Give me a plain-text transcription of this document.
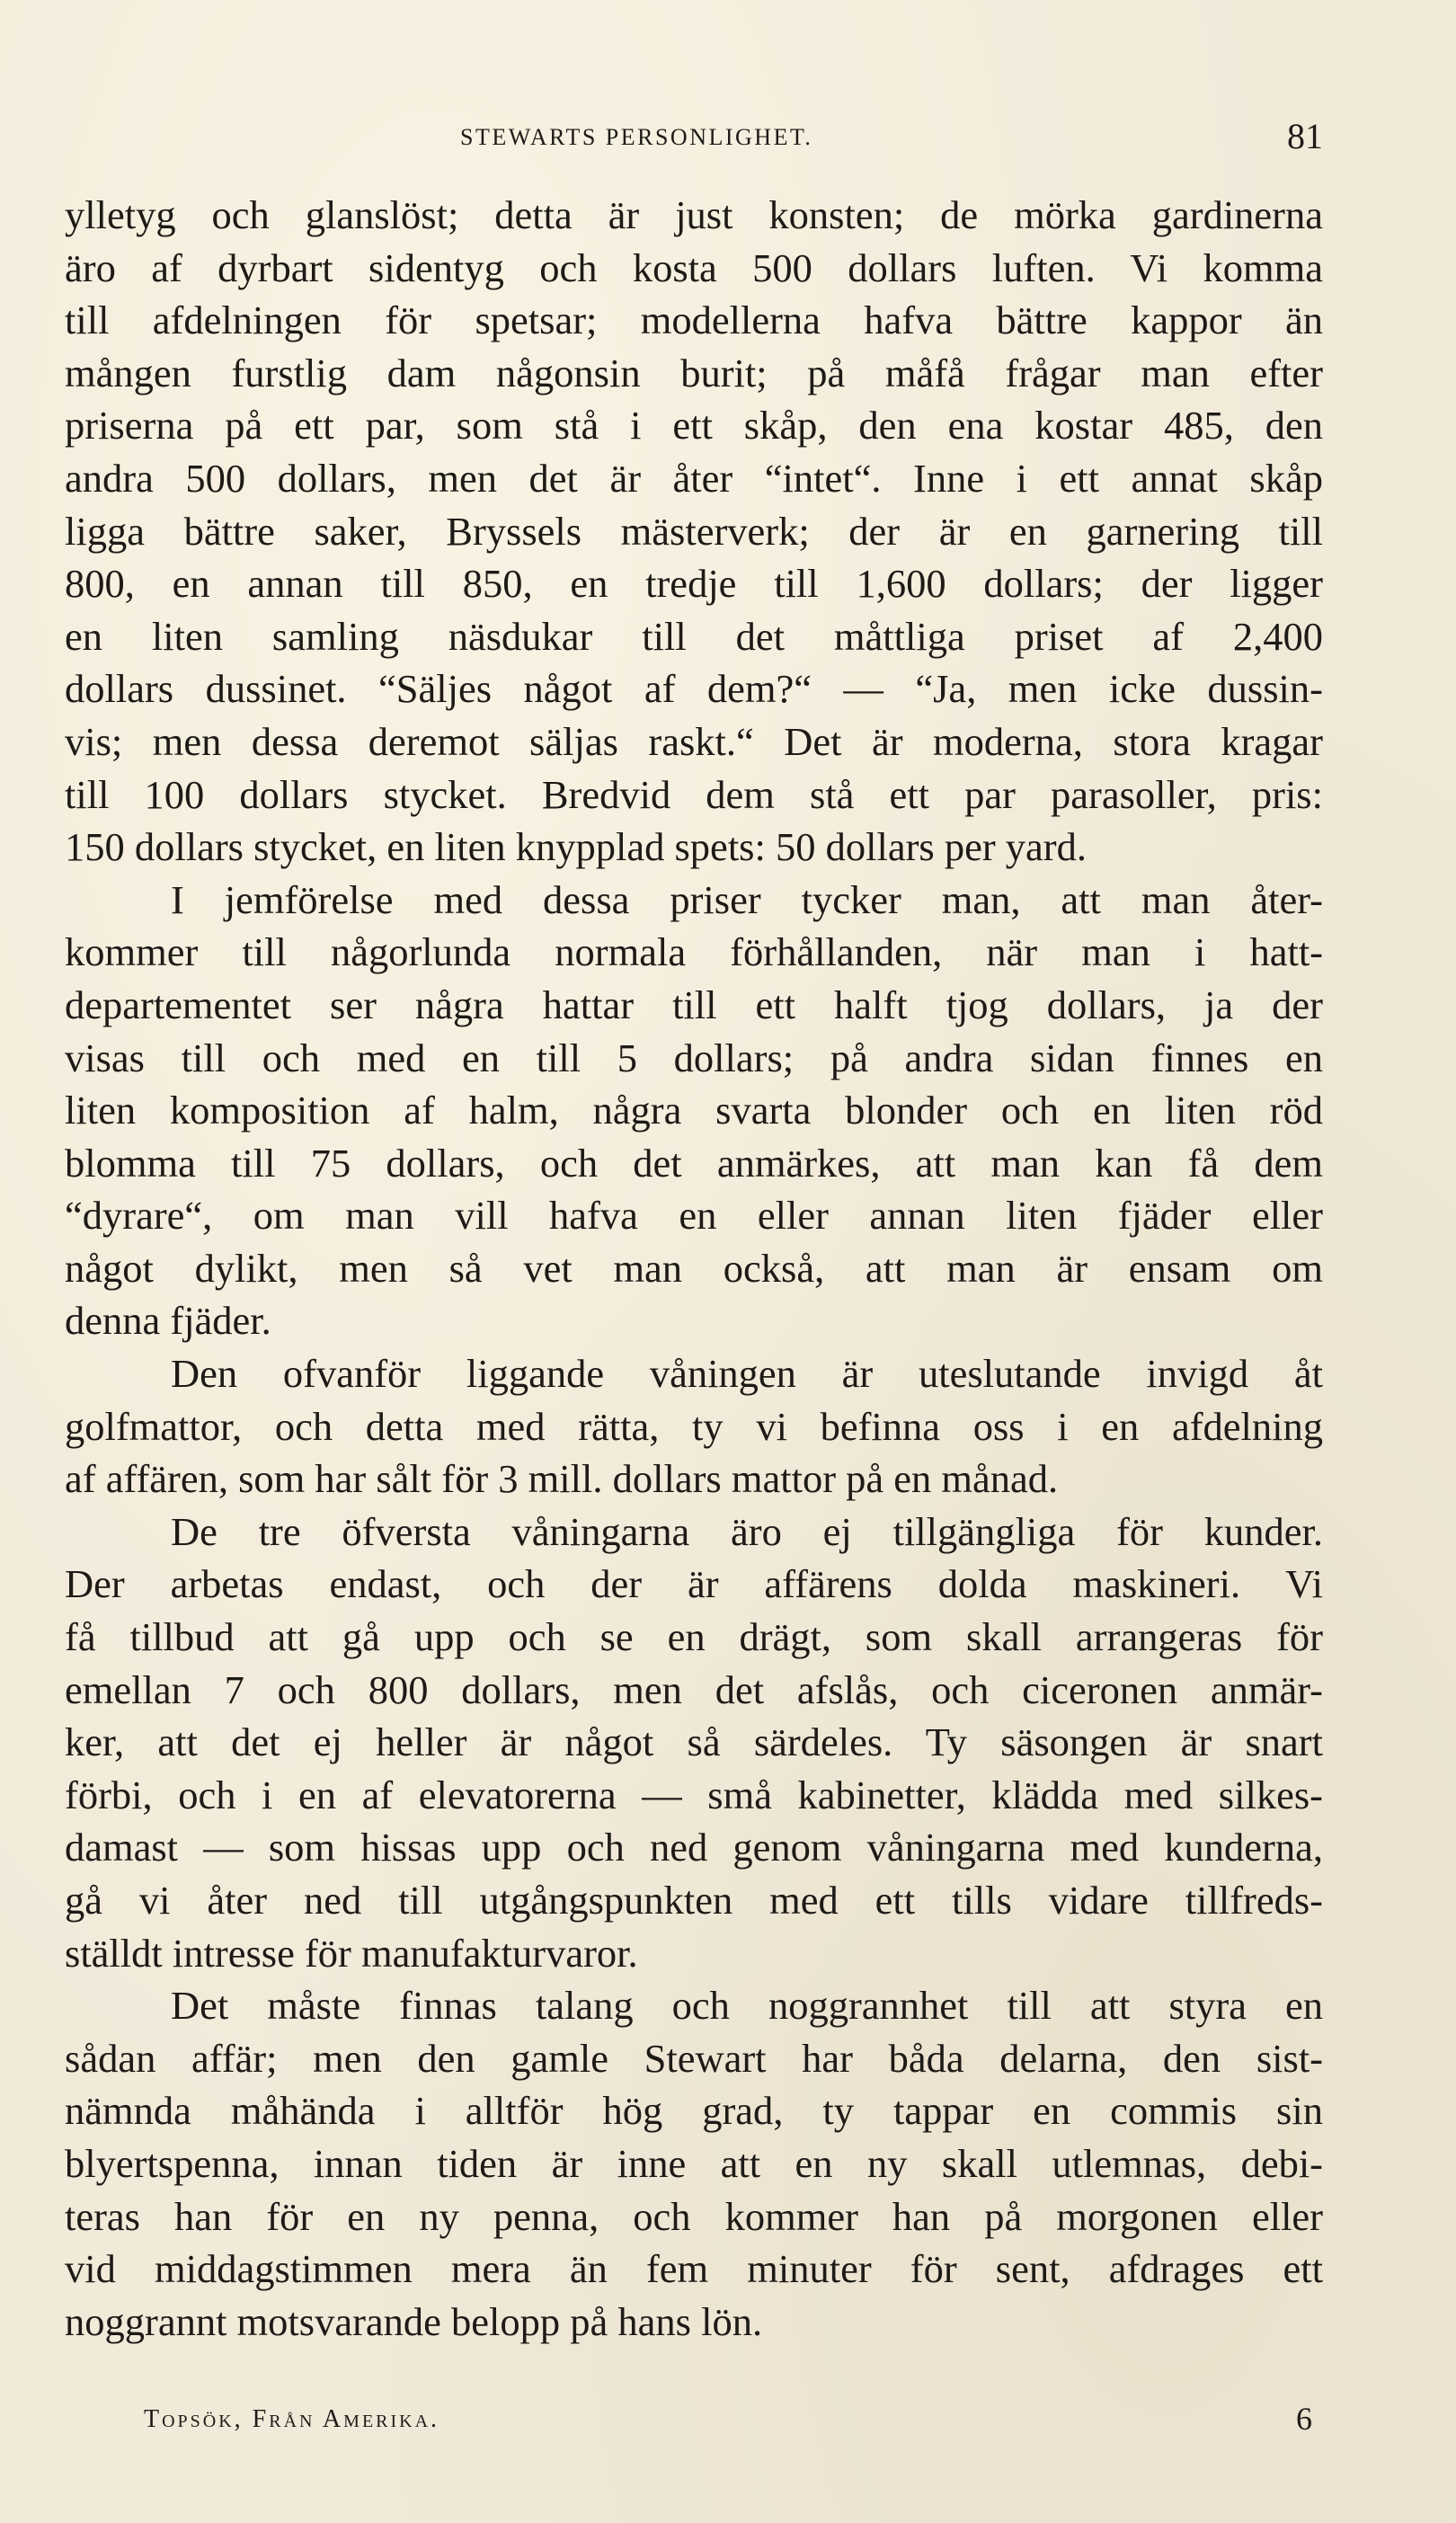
STEWARTS PERSONLIGHET.	81
ylletyg och glanslöst; detta är just konsten; de mörka gardinerna
äro af dyrbart sidentyg och kosta 500 dollars luften. Vi komma
till afdelningen för spetsar; modellerna hafva bättre kappor än
mången furstlig dam någonsin burit; på måfå frågar man efter
priserna på ett par, som stå i ett skåp, den ena kostar 485, den
andra 500 dollars, men det är åter “intet“. Inne i ett annat skåp
ligga bättre saker, Bryssels mästerverk; der är en garnering till
800, en annan till 850, en tredje till 1,600 dollars; der ligger
en liten samling näsdukar till det måttliga priset af 2,400
dollars dussinet. “Säljes något af dem?“ — “Ja, men icke dussin-
vis; men dessa deremot säljas raskt.“ Det är moderna, stora kragar
till 100 dollars stycket. Bredvid dem stå ett par parasoller, pris:
150 dollars stycket, en liten knypplad spets: 50 dollars per yard.
I jemförelse med dessa priser tycker man, att man åter-
kommer till någorlunda normala förhållanden, när man i hatt-
departementet ser några hattar till ett halft tjog dollars, ja der
visas till och med en till 5 dollars; på andra sidan finnes en
liten komposition af halm, några svarta blonder och en liten röd
blomma till 75 dollars, och det anmärkes, att man kan få dem
“dyrare“, om man vill hafva en eller annan liten fjäder eller
något dylikt, men så vet man också, att man är ensam om
denna fjäder.
Den ofvanför liggande våningen är uteslutande invigd åt
golfmattor, och detta med rätta, ty vi befinna oss i en afdelning
af affären, som har sålt för 3 mill. dollars mattor på en månad.
De tre öfversta våningarna äro ej tillgängliga för kunder.
Der arbetas endast, och der är affärens dolda maskineri. Vi
få tillbud att gå upp och se en drägt, som skall arrangeras för
emellan 7 och 800 dollars, men det afslås, och ciceronen anmär-
ker, att det ej heller är något så särdeles. Ty säsongen är snart
förbi, och i en af elevatorerna — små kabinetter, klädda med silkes-
damast — som hissas upp och ned genom våningarna med kunderna,
gå vi åter ned till utgångspunkten med ett tills vidare tillfreds-
ställdt intresse för manufakturvaror.
Det måste finnas talang och noggrannhet till att styra en
sådan affär; men den gamle Stewart har båda delarna, den sist-
nämnda måhända i alltför hög grad, ty tappar en commis sin
blyertspenna, innan tiden är inne att en ny skall utlemnas, debi-
teras han för en ny penna, och kommer han på morgonen eller
vid middagstimmen mera än fem minuter för sent, afdrages ett
noggrannt motsvarande belopp på hans lön.
Topsök, Från Amerika.	6
